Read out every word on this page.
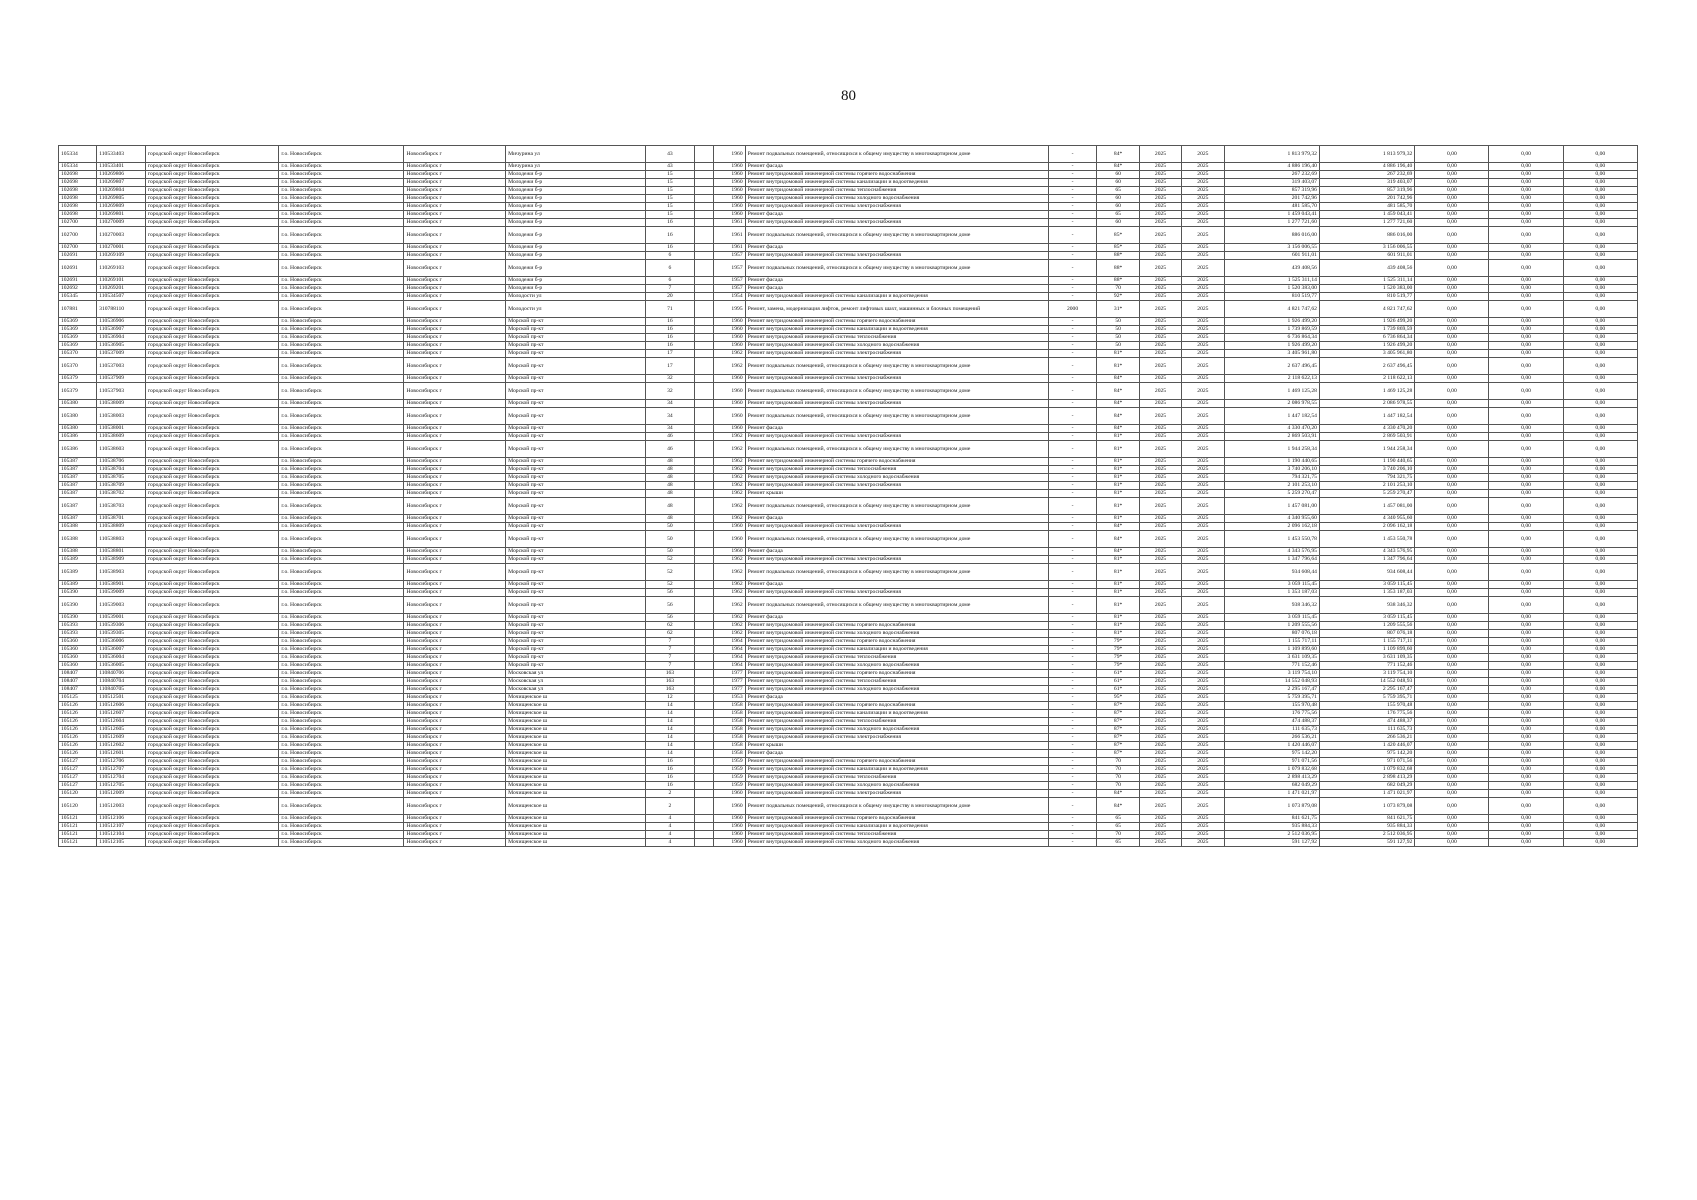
80
105334	110533403	городской округ Новосибирск	г.о. Новосибирск	Новосибирск г	Мичурина ул	43		1960	Ремонт подвальных помещений, относящихся к общему имуществу в многоквартирном доме	-	84*	2025	2025	1 813 979,32	1 813 979,32	0,00	0,00	0,00
105334	110533401	городской округ Новосибирск	г.о. Новосибирск	Новосибирск г	Мичурина ул	43		1960	Ремонт фасада	-	84*	2025	2025	4 886 196,40	4 886 196,40	0,00	0,00	0,00
102698	110269806	городской округ Новосибирск	г.о. Новосибирск	Новосибирск г	Молодежи б-р	15		1960	Ремонт внутридомовой инженерной системы горячего водоснабжения	-	60	2025	2025	267 232,69	267 232,69	0,00	0,00	0,00
102698	110269807	городской округ Новосибирск	г.о. Новосибирск	Новосибирск г	Молодежи б-р	15		1960	Ремонт внутридомовой инженерной системы канализации и водоотведения	-	60	2025	2025	319 403,07	319 403,07	0,00	0,00	0,00
102698	110269804	городской округ Новосибирск	г.о. Новосибирск	Новосибирск г	Молодежи б-р	15		1960	Ремонт внутридомовой инженерной системы теплоснабжения	-	65	2025	2025	857 319,96	857 319,96	0,00	0,00	0,00
102698	110269805	городской округ Новосибирск	г.о. Новосибирск	Новосибирск г	Молодежи б-р	15		1960	Ремонт внутридомовой инженерной системы холодного водоснабжения	-	60	2025	2025	201 742,96	201 742,96	0,00	0,00	0,00
102698	110269809	городской округ Новосибирск	г.о. Новосибирск	Новосибирск г	Молодежи б-р	15		1960	Ремонт внутридомовой инженерной системы электроснабжения	-	60	2025	2025	481 585,70	481 585,70	0,00	0,00	0,00
102698	110269801	городской округ Новосибирск	г.о. Новосибирск	Новосибирск г	Молодежи б-р	15		1960	Ремонт фасада	-	65	2025	2025	1 459 043,41	1 459 043,41	0,00	0,00	0,00
102700	110270009	городской округ Новосибирск	г.о. Новосибирск	Новосибирск г	Молодежи б-р	16		1961	Ремонт внутридомовой инженерной системы электроснабжения	-	60	2025	2025	1 277 721,60	1 277 721,60	0,00	0,00	0,00
102700	110270003	городской округ Новосибирск	г.о. Новосибирск	Новосибирск г	Молодежи б-р	16		1961	Ремонт подвальных помещений, относящихся к общему имуществу в многоквартирном доме	-	85*	2025	2025	886 016,00	886 016,00	0,00	0,00	0,00
102700	110270001	городской округ Новосибирск	г.о. Новосибирск	Новосибирск г	Молодежи б-р	16		1961	Ремонт фасада	-	85*	2025	2025	3 156 006,55	3 156 006,55	0,00	0,00	0,00
102691	110269109	городской округ Новосибирск	г.о. Новосибирск	Новосибирск г	Молодежи б-р	6		1957	Ремонт внутридомовой инженерной системы электроснабжения	-	88*	2025	2025	601 911,01	601 911,01	0,00	0,00	0,00
102691	110269103	городской округ Новосибирск	г.о. Новосибирск	Новосибирск г	Молодежи б-р	6		1957	Ремонт подвальных помещений, относящихся к общему имуществу в многоквартирном доме	-	88*	2025	2025	439 408,56	439 408,56	0,00	0,00	0,00
102691	110269101	городской округ Новосибирск	г.о. Новосибирск	Новосибирск г	Молодежи б-р	6		1957	Ремонт фасада	-	88*	2025	2025	1 525 311,14	1 525 311,14	0,00	0,00	0,00
102692	110269201	городской округ Новосибирск	г.о. Новосибирск	Новосибирск г	Молодежи б-р	7		1957	Ремонт фасада	-	70	2025	2025	1 520 383,00	1 520 383,00	0,00	0,00	0,00
105345	110534507	городской округ Новосибирск	г.о. Новосибирск	Новосибирск г	Молодости ул	20		1954	Ремонт внутридомовой инженерной системы канализации и водоотведения	-	92*	2025	2025	810 519,77	810 519,77	0,00	0,00	0,00
107881	310788110	городской округ Новосибирск	г.о. Новосибирск	Новосибирск г	Молодости ул	71		1995	Ремонт, замена, модернизация лифтов, ремонт лифтовых шахт, машинных и блочных помещений	2000	31*	2025	2025	4 821 747,62	4 821 747,62	0,00	0,00	0,00
105369	110536906	городской округ Новосибирск	г.о. Новосибирск	Новосибирск г	Морской пр-кт	16		1960	Ремонт внутридомовой инженерной системы горячего водоснабжения	-	50	2025	2025	1 926 499,20	1 926 499,20	0,00	0,00	0,00
105369	110536907	городской округ Новосибирск	г.о. Новосибирск	Новосибирск г	Морской пр-кт	16		1960	Ремонт внутридомовой инженерной системы канализации и водоотведения	-	50	2025	2025	1 739 869,59	1 739 869,59	0,00	0,00	0,00
105369	110536904	городской округ Новосибирск	г.о. Новосибирск	Новосибирск г	Морской пр-кт	16		1960	Ремонт внутридомовой инженерной системы теплоснабжения	-	50	2025	2025	6 736 864,34	6 736 864,34	0,00	0,00	0,00
105369	110536905	городской округ Новосибирск	г.о. Новосибирск	Новосибирск г	Морской пр-кт	16		1960	Ремонт внутридомовой инженерной системы холодного водоснабжения	-	50	2025	2025	1 926 499,20	1 926 499,20	0,00	0,00	0,00
105370	110537009	городской округ Новосибирск	г.о. Новосибирск	Новосибирск г	Морской пр-кт	17		1962	Ремонт внутридомовой инженерной системы электроснабжения	-	81*	2025	2025	3 405 961,80	3 405 961,80	0,00	0,00	0,00
105370	110537003	городской округ Новосибирск	г.о. Новосибирск	Новосибирск г	Морской пр-кт	17		1962	Ремонт подвальных помещений, относящихся к общему имуществу в многоквартирном доме	-	81*	2025	2025	2 637 496,45	2 637 496,45	0,00	0,00	0,00
105379	110537909	городской округ Новосибирск	г.о. Новосибирск	Новосибирск г	Морской пр-кт	32		1960	Ремонт внутридомовой инженерной системы электроснабжения	-	84*	2025	2025	2 118 622,13	2 118 622,13	0,00	0,00	0,00
105379	110537903	городской округ Новосибирск	г.о. Новосибирск	Новосибирск г	Морской пр-кт	32		1960	Ремонт подвальных помещений, относящихся к общему имуществу в многоквартирном доме	-	84*	2025	2025	1 469 125,28	1 469 125,28	0,00	0,00	0,00
105380	110538009	городской округ Новосибирск	г.о. Новосибирск	Новосибирск г	Морской пр-кт	34		1960	Ремонт внутридомовой инженерной системы электроснабжения	-	84*	2025	2025	2 086 978,55	2 086 978,55	0,00	0,00	0,00
105380	110538003	городской округ Новосибирск	г.о. Новосибирск	Новосибирск г	Морской пр-кт	34		1960	Ремонт подвальных помещений, относящихся к общему имуществу в многоквартирном доме	-	84*	2025	2025	1 447 182,54	1 447 182,54	0,00	0,00	0,00
105380	110538001	городской округ Новосибирск	г.о. Новосибирск	Новосибирск г	Морской пр-кт	34		1960	Ремонт фасада	-	84*	2025	2025	4 330 470,20	4 330 470,20	0,00	0,00	0,00
105386	110538609	городской округ Новосибирск	г.о. Новосибирск	Новосибирск г	Морской пр-кт	46		1962	Ремонт внутридомовой инженерной системы электроснабжения	-	81*	2025	2025	2 869 503,91	2 869 503,91	0,00	0,00	0,00
105386	110538603	городской округ Новосибирск	г.о. Новосибирск	Новосибирск г	Морской пр-кт	46		1962	Ремонт подвальных помещений, относящихся к общему имуществу в многоквартирном доме	-	81*	2025	2025	1 944 258,34	1 944 258,34	0,00	0,00	0,00
105387	110538706	городской округ Новосибирск	г.о. Новосибирск	Новосибирск г	Морской пр-кт	48		1962	Ремонт внутридомовой инженерной системы горячего водоснабжения	-	81*	2025	2025	1 190 440,65	1 190 440,65	0,00	0,00	0,00
105387	110538704	городской округ Новосибирск	г.о. Новосибирск	Новосибирск г	Морской пр-кт	48		1962	Ремонт внутридомовой инженерной системы теплоснабжения	-	81*	2025	2025	3 740 206,10	3 740 206,10	0,00	0,00	0,00
105387	110538705	городской округ Новосибирск	г.о. Новосибирск	Новосибирск г	Морской пр-кт	48		1962	Ремонт внутридомовой инженерной системы холодного водоснабжения	-	81*	2025	2025	794 321,75	794 321,75	0,00	0,00	0,00
105387	110538709	городской округ Новосибирск	г.о. Новосибирск	Новосибирск г	Морской пр-кт	48		1962	Ремонт внутридомовой инженерной системы электроснабжения	-	81*	2025	2025	2 101 253,10	2 101 253,10	0,00	0,00	0,00
105387	110538702	городской округ Новосибирск	г.о. Новосибирск	Новосибирск г	Морской пр-кт	48		1962	Ремонт крыши	-	81*	2025	2025	5 259 270,47	5 259 270,47	0,00	0,00	0,00
105387	110538703	городской округ Новосибирск	г.о. Новосибирск	Новосибирск г	Морской пр-кт	48		1962	Ремонт подвальных помещений, относящихся к общему имуществу в многоквартирном доме	-	81*	2025	2025	1 457 081,00	1 457 081,00	0,00	0,00	0,00
105387	110538701	городской округ Новосибирск	г.о. Новосибирск	Новосибирск г	Морской пр-кт	48		1962	Ремонт фасада	-	81*	2025	2025	4 340 955,60	4 340 955,60	0,00	0,00	0,00
105388	110538809	городской округ Новосибирск	г.о. Новосибирск	Новосибирск г	Морской пр-кт	50		1960	Ремонт внутридомовой инженерной системы электроснабжения	-	84*	2025	2025	2 096 162,18	2 096 162,18	0,00	0,00	0,00
105388	110538803	городской округ Новосибирск	г.о. Новосибирск	Новосибирск г	Морской пр-кт	50		1960	Ремонт подвальных помещений, относящихся к общему имуществу в многоквартирном доме	-	84*	2025	2025	1 453 550,78	1 453 550,78	0,00	0,00	0,00
105388	110538801	городской округ Новосибирск	г.о. Новосибирск	Новосибирск г	Морской пр-кт	50		1960	Ремонт фасада	-	84*	2025	2025	4 343 576,95	4 343 576,95	0,00	0,00	0,00
105389	110538909	городской округ Новосибирск	г.о. Новосибирск	Новосибирск г	Морской пр-кт	52		1962	Ремонт внутридомовой инженерной системы электроснабжения	-	81*	2025	2025	1 347 796,64	1 347 796,64	0,00	0,00	0,00
105389	110538903	городской округ Новосибирск	г.о. Новосибирск	Новосибирск г	Морской пр-кт	52		1962	Ремонт подвальных помещений, относящихся к общему имуществу в многоквартирном доме	-	81*	2025	2025	934 608,44	934 608,44	0,00	0,00	0,00
105389	110538901	городской округ Новосибирск	г.о. Новосибирск	Новосибирск г	Морской пр-кт	52		1962	Ремонт фасада	-	81*	2025	2025	3 059 115,45	3 059 115,45	0,00	0,00	0,00
105390	110539009	городской округ Новосибирск	г.о. Новосибирск	Новосибирск г	Морской пр-кт	56		1962	Ремонт внутридомовой инженерной системы электроснабжения	-	81*	2025	2025	1 353 187,03	1 353 187,03	0,00	0,00	0,00
105390	110539003	городской округ Новосибирск	г.о. Новосибирск	Новосибирск г	Морской пр-кт	56		1962	Ремонт подвальных помещений, относящихся к общему имуществу в многоквартирном доме	-	81*	2025	2025	938 346,32	938 346,32	0,00	0,00	0,00
105390	110539001	городской округ Новосибирск	г.о. Новосибирск	Новосибирск г	Морской пр-кт	56		1962	Ремонт фасада	-	81*	2025	2025	3 059 115,45	3 059 115,45	0,00	0,00	0,00
105393	110539306	городской округ Новосибирск	г.о. Новосибирск	Новосибирск г	Морской пр-кт	62		1962	Ремонт внутридомовой инженерной системы горячего водоснабжения	-	81*	2025	2025	1 209 555,56	1 209 555,56	0,00	0,00	0,00
105393	110539305	городской округ Новосибирск	г.о. Новосибирск	Новосибирск г	Морской пр-кт	62		1962	Ремонт внутридомовой инженерной системы холодного водоснабжения	-	81*	2025	2025	807 076,18	807 076,18	0,00	0,00	0,00
105360	110536006	городской округ Новосибирск	г.о. Новосибирск	Новосибирск г	Морской пр-кт	7		1964	Ремонт внутридомовой инженерной системы горячего водоснабжения	-	79*	2025	2025	1 155 717,11	1 155 717,11	0,00	0,00	0,00
105360	110536007	городской округ Новосибирск	г.о. Новосибирск	Новосибирск г	Морской пр-кт	7		1964	Ремонт внутридомовой инженерной системы канализации и водоотведения	-	79*	2025	2025	1 109 899,60	1 109 899,60	0,00	0,00	0,00
105360	110536004	городской округ Новосибирск	г.о. Новосибирск	Новосибирск г	Морской пр-кт	7		1964	Ремонт внутридомовой инженерной системы теплоснабжения	-	79*	2025	2025	3 631 109,35	3 631 109,35	0,00	0,00	0,00
105360	110536005	городской округ Новосибирск	г.о. Новосибирск	Новосибирск г	Морской пр-кт	7		1964	Ремонт внутридомовой инженерной системы холодного водоснабжения	-	79*	2025	2025	771 152,46	771 152,46	0,00	0,00	0,00
108407	110840706	городской округ Новосибирск	г.о. Новосибирск	Новосибирск г	Московская ул	163		1977	Ремонт внутридомовой инженерной системы горячего водоснабжения	-	61*	2025	2025	3 119 754,10	3 119 754,10	0,00	0,00	0,00
108407	110840704	городской округ Новосибирск	г.о. Новосибирск	Новосибирск г	Московская ул	163		1977	Ремонт внутридомовой инженерной системы теплоснабжения	-	61*	2025	2025	14 552 048,93	14 552 048,93	0,00	0,00	0,00
108407	110840705	городской округ Новосибирск	г.о. Новосибирск	Новосибирск г	Московская ул	163		1977	Ремонт внутридомовой инженерной системы холодного водоснабжения	-	61*	2025	2025	2 295 167,47	2 295 167,47	0,00	0,00	0,00
105125	110512501	городской округ Новосибирск	г.о. Новосибирск	Новосибирск г	Мочищенское ш	12		1953	Ремонт фасада	-	95*	2025	2025	5 759 395,71	5 759 395,71	0,00	0,00	0,00
105126	110512606	городской округ Новосибирск	г.о. Новосибирск	Новосибирск г	Мочищенское ш	14		1958	Ремонт внутридомовой инженерной системы горячего водоснабжения	-	87*	2025	2025	155 970,48	155 970,48	0,00	0,00	0,00
105126	110512607	городской округ Новосибирск	г.о. Новосибирск	Новосибирск г	Мочищенское ш	14		1958	Ремонт внутридомовой инженерной системы канализации и водоотведения	-	87*	2025	2025	176 775,56	176 775,56	0,00	0,00	0,00
105126	110512604	городской округ Новосибирск	г.о. Новосибирск	Новосибирск г	Мочищенское ш	14		1958	Ремонт внутридомовой инженерной системы теплоснабжения	-	87*	2025	2025	474 488,37	474 488,37	0,00	0,00	0,00
105126	110512605	городской округ Новосибирск	г.о. Новосибирск	Новосибирск г	Мочищенское ш	14		1958	Ремонт внутридомовой инженерной системы холодного водоснабжения	-	87*	2025	2025	111 635,73	111 635,73	0,00	0,00	0,00
105126	110512609	городской округ Новосибирск	г.о. Новосибирск	Новосибирск г	Мочищенское ш	14		1958	Ремонт внутридомовой инженерной системы электроснабжения	-	87*	2025	2025	266 536,21	266 536,21	0,00	0,00	0,00
105126	110512602	городской округ Новосибирск	г.о. Новосибирск	Новосибирск г	Мочищенское ш	14		1958	Ремонт крыши	-	87*	2025	2025	1 420 446,07	1 420 446,07	0,00	0,00	0,00
105126	110512601	городской округ Новосибирск	г.о. Новосибирск	Новосибирск г	Мочищенское ш	14		1958	Ремонт фасада	-	87*	2025	2025	975 142,20	975 142,20	0,00	0,00	0,00
105127	110512706	городской округ Новосибирск	г.о. Новосибирск	Новосибирск г	Мочищенское ш	16		1959	Ремонт внутридомовой инженерной системы горячего водоснабжения	-	70	2025	2025	971 071,56	971 071,56	0,00	0,00	0,00
105127	110512707	городской округ Новосибирск	г.о. Новосибирск	Новосибирск г	Мочищенское ш	16		1959	Ремонт внутридомовой инженерной системы канализации и водоотведения	-	70	2025	2025	1 079 832,68	1 079 832,68	0,00	0,00	0,00
105127	110512704	городской округ Новосибирск	г.о. Новосибирск	Новосибирск г	Мочищенское ш	16		1959	Ремонт внутридомовой инженерной системы теплоснабжения	-	70	2025	2025	2 898 413,29	2 898 413,29	0,00	0,00	0,00
105127	110512705	городской округ Новосибирск	г.о. Новосибирск	Новосибирск г	Мочищенское ш	16		1959	Ремонт внутридомовой инженерной системы холодного водоснабжения	-	70	2025	2025	682 049,29	682 049,29	0,00	0,00	0,00
105120	110512009	городской округ Новосибирск	г.о. Новосибирск	Новосибирск г	Мочищенское ш	2		1960	Ремонт внутридомовой инженерной системы электроснабжения	-	84*	2025	2025	1 471 021,97	1 471 021,97	0,00	0,00	0,00
105120	110512003	городской округ Новосибирск	г.о. Новосибирск	Новосибирск г	Мочищенское ш	2		1960	Ремонт подвальных помещений, относящихся к общему имуществу в многоквартирном доме	-	84*	2025	2025	1 073 879,08	1 073 879,08	0,00	0,00	0,00
105121	110512106	городской округ Новосибирск	г.о. Новосибирск	Новосибирск г	Мочищенское ш	4		1960	Ремонт внутридомовой инженерной системы горячего водоснабжения	-	65	2025	2025	841 621,75	841 621,75	0,00	0,00	0,00
105121	110512107	городской округ Новосибирск	г.о. Новосибирск	Новосибирск г	Мочищенское ш	4		1960	Ремонт внутридомовой инженерной системы канализации и водоотведения	-	65	2025	2025	935 884,33	935 884,33	0,00	0,00	0,00
105121	110512104	городской округ Новосибирск	г.о. Новосибирск	Новосибирск г	Мочищенское ш	4		1960	Ремонт внутридомовой инженерной системы теплоснабжения	-	70	2025	2025	2 512 036,95	2 512 036,95	0,00	0,00	0,00
105121	110512105	городской округ Новосибирск	г.о. Новосибирск	Новосибирск г	Мочищенское ш	4		1960	Ремонт внутридомовой инженерной системы холодного водоснабжения	-	65	2025	2025	591 127,92	591 127,92	0,00	0,00	0,00
